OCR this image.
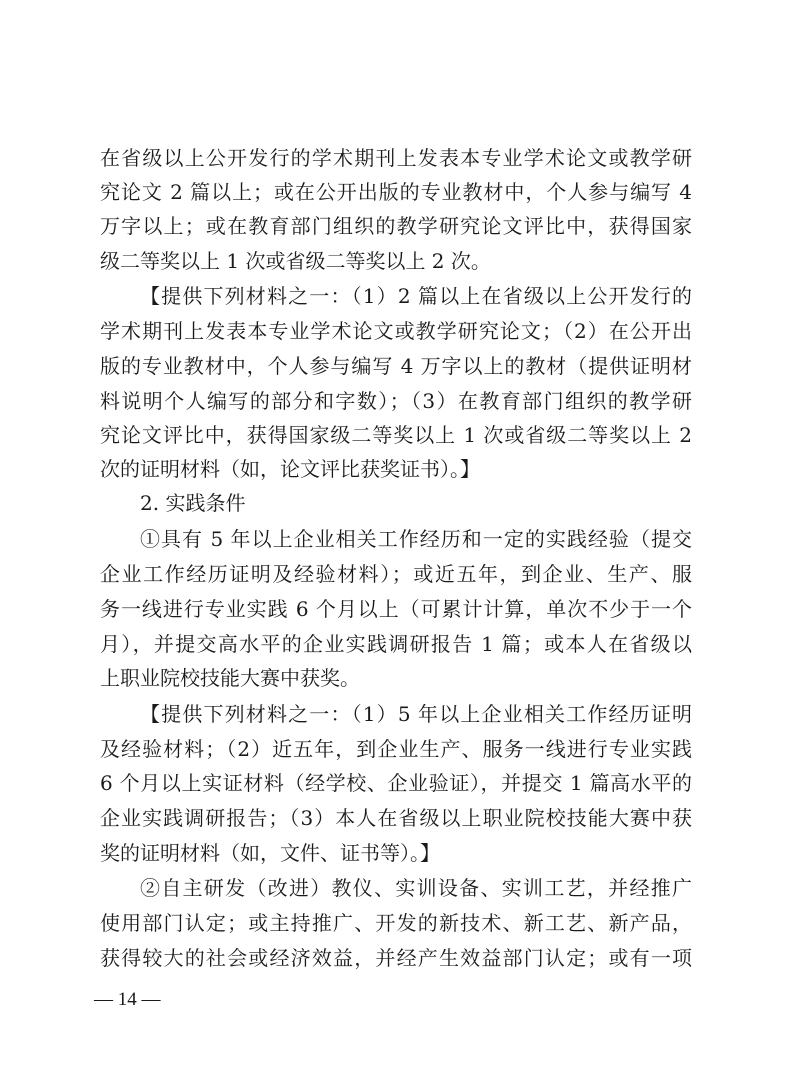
在省级以上公开发行的学术期刊上发表本专业学术论文或教学研
究论文 2 篇以上；或在公开出版的专业教材中，个人参与编写 4
万字以上；或在教育部门组织的教学研究论文评比中，获得国家
级二等奖以上 1 次或省级二等奖以上 2 次。
【提供下列材料之一：（1）2 篇以上在省级以上公开发行的
学术期刊上发表本专业学术论文或教学研究论文；（2）在公开出
版的专业教材中，个人参与编写 4 万字以上的教材（提供证明材
料说明个人编写的部分和字数）；（3）在教育部门组织的教学研
究论文评比中，获得国家级二等奖以上 1 次或省级二等奖以上 2
次的证明材料（如，论文评比获奖证书）。】
2. 实践条件
①具有 5 年以上企业相关工作经历和一定的实践经验（提交
企业工作经历证明及经验材料）；或近五年，到企业、生产、服
务一线进行专业实践 6 个月以上（可累计计算，单次不少于一个
月），并提交高水平的企业实践调研报告 1 篇；或本人在省级以
上职业院校技能大赛中获奖。
【提供下列材料之一：（1）5 年以上企业相关工作经历证明
及经验材料；（2）近五年，到企业生产、服务一线进行专业实践
6 个月以上实证材料（经学校、企业验证），并提交 1 篇高水平的
企业实践调研报告；（3）本人在省级以上职业院校技能大赛中获
奖的证明材料（如，文件、证书等）。】
②自主研发（改进）教仪、实训设备、实训工艺，并经推广
使用部门认定；或主持推广、开发的新技术、新工艺、新产品，
获得较大的社会或经济效益，并经产生效益部门认定；或有一项
— 14 —
